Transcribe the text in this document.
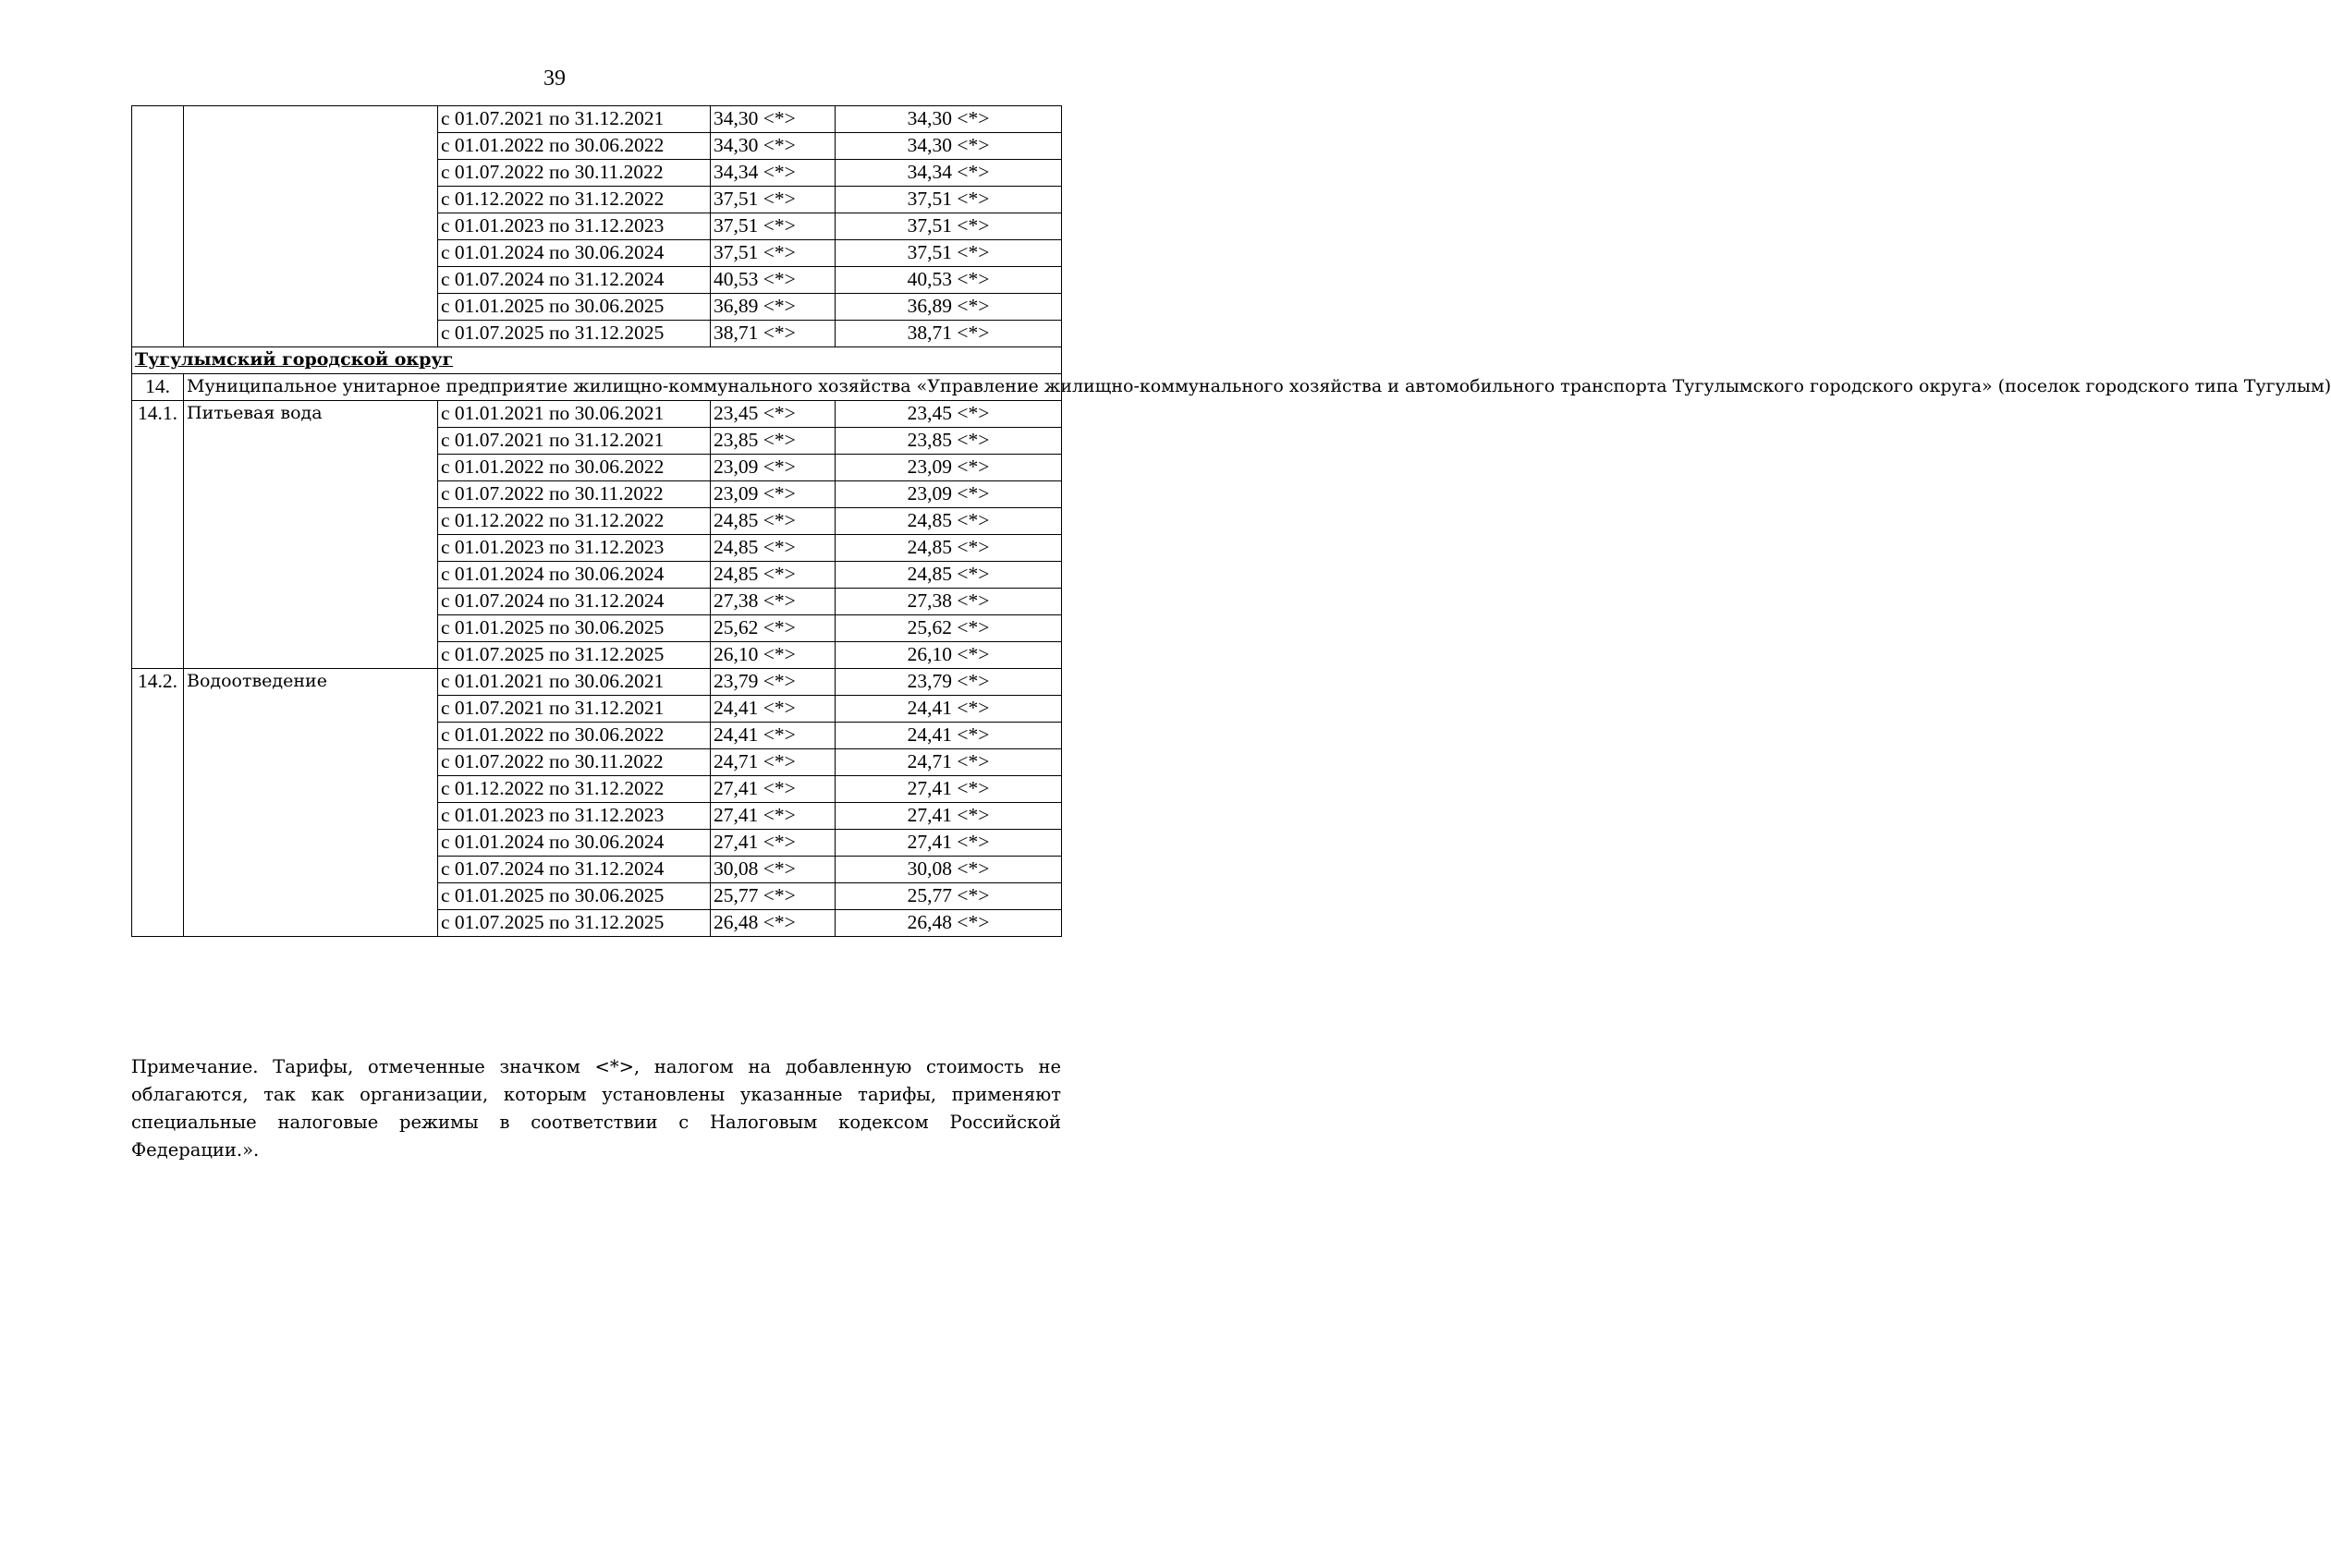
39
		с 01.07.2021 по 31.12.2021	34,30 <*>	34,30 <*>
		с 01.01.2022 по 30.06.2022	34,30 <*>	34,30 <*>
		с 01.07.2022 по 30.11.2022	34,34 <*>	34,34 <*>
		с 01.12.2022 по 31.12.2022	37,51 <*>	37,51 <*>
		с 01.01.2023 по 31.12.2023	37,51 <*>	37,51 <*>
		с 01.01.2024 по 30.06.2024	37,51 <*>	37,51 <*>
		с 01.07.2024 по 31.12.2024	40,53 <*>	40,53 <*>
		с 01.01.2025 по 30.06.2025	36,89 <*>	36,89 <*>
		с 01.07.2025 по 31.12.2025	38,71 <*>	38,71 <*>
Тугулымский городской округ				
14.	Муниципальное унитарное предприятие жилищно-коммунального хозяйства «Управление жилищно-коммунального хозяйства и автомобильного транспорта Тугулымского городского округа» (поселок городского типа Тугулым)			
14.1.	Питьевая вода	с 01.01.2021 по 30.06.2021	23,45 <*>	23,45 <*>
		с 01.07.2021 по 31.12.2021	23,85 <*>	23,85 <*>
		с 01.01.2022 по 30.06.2022	23,09 <*>	23,09 <*>
		с 01.07.2022 по 30.11.2022	23,09 <*>	23,09 <*>
		с 01.12.2022 по 31.12.2022	24,85 <*>	24,85 <*>
		с 01.01.2023 по 31.12.2023	24,85 <*>	24,85 <*>
		с 01.01.2024 по 30.06.2024	24,85 <*>	24,85 <*>
		с 01.07.2024 по 31.12.2024	27,38 <*>	27,38 <*>
		с 01.01.2025 по 30.06.2025	25,62 <*>	25,62 <*>
		с 01.07.2025 по 31.12.2025	26,10 <*>	26,10 <*>
14.2.	Водоотведение	с 01.01.2021 по 30.06.2021	23,79 <*>	23,79 <*>
		с 01.07.2021 по 31.12.2021	24,41 <*>	24,41 <*>
		с 01.01.2022 по 30.06.2022	24,41 <*>	24,41 <*>
		с 01.07.2022 по 30.11.2022	24,71 <*>	24,71 <*>
		с 01.12.2022 по 31.12.2022	27,41 <*>	27,41 <*>
		с 01.01.2023 по 31.12.2023	27,41 <*>	27,41 <*>
		с 01.01.2024 по 30.06.2024	27,41 <*>	27,41 <*>
		с 01.07.2024 по 31.12.2024	30,08 <*>	30,08 <*>
		с 01.01.2025 по 30.06.2025	25,77 <*>	25,77 <*>
		с 01.07.2025 по 31.12.2025	26,48 <*>	26,48 <*>

Примечание. Тарифы, отмеченные значком <*>, налогом на добавленную стоимость не облагаются, так как организации, которым установлены указанные тарифы, применяют специальные налоговые режимы в соответствии с Налоговым кодексом Российской Федерации.».
